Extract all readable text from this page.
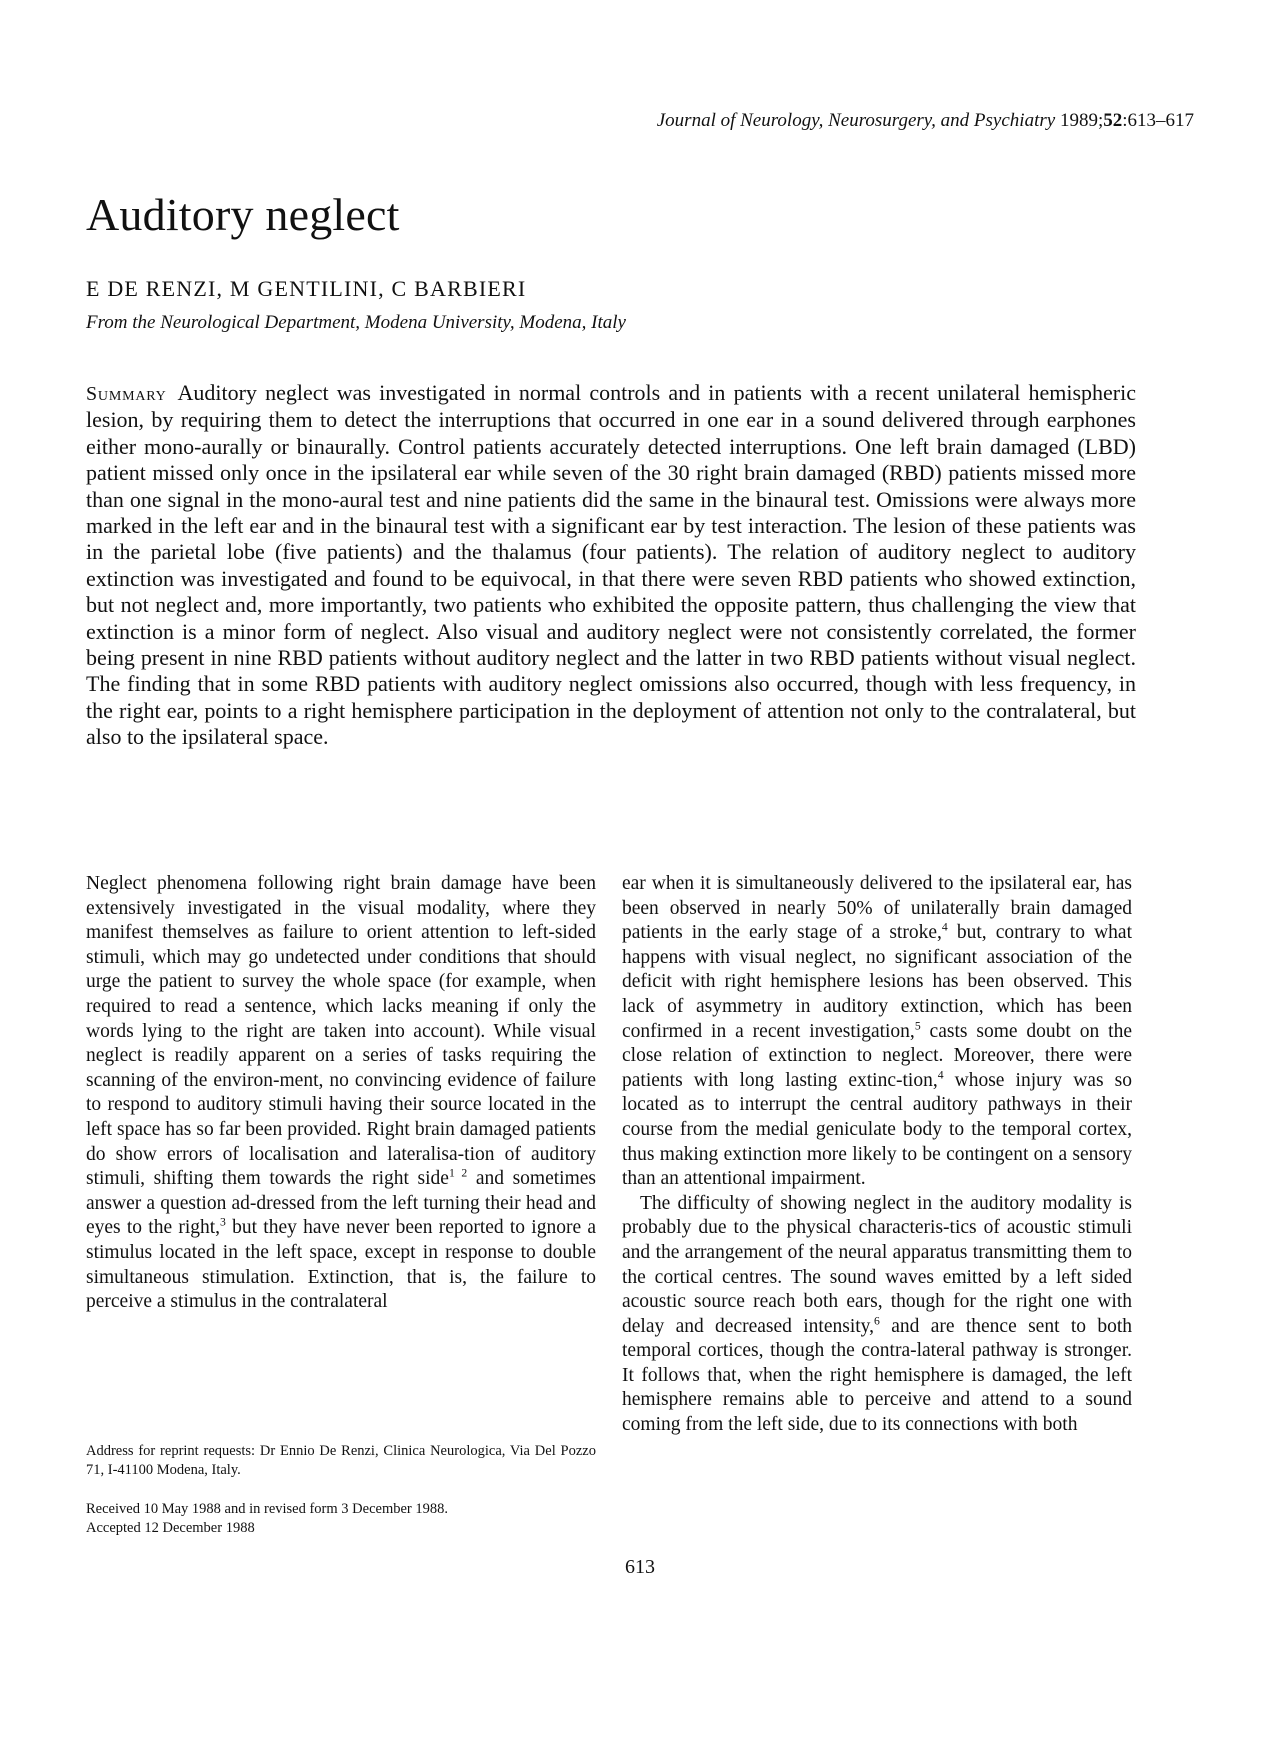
Journal of Neurology, Neurosurgery, and Psychiatry 1989;52:613–617
Auditory neglect
E DE RENZI, M GENTILINI, C BARBIERI
From the Neurological Department, Modena University, Modena, Italy

Summary Auditory neglect was investigated in normal controls and in patients with a recent unilateral hemispheric lesion, by requiring them to detect the interruptions that occurred in one ear in a sound delivered through earphones either mono-aurally or binaurally. Control patients accurately detected interruptions. One left brain damaged (LBD) patient missed only once in the ipsilateral ear while seven of the 30 right brain damaged (RBD) patients missed more than one signal in the mono-aural test and nine patients did the same in the binaural test. Omissions were always more marked in the left ear and in the binaural test with a significant ear by test interaction. The lesion of these patients was in the parietal lobe (five patients) and the thalamus (four patients). The relation of auditory neglect to auditory extinction was investigated and found to be equivocal, in that there were seven RBD patients who showed extinction, but not neglect and, more importantly, two patients who exhibited the opposite pattern, thus challenging the view that extinction is a minor form of neglect. Also visual and auditory neglect were not consistently correlated, the former being present in nine RBD patients without auditory neglect and the latter in two RBD patients without visual neglect. The finding that in some RBD patients with auditory neglect omissions also occurred, though with less frequency, in the right ear, points to a right hemisphere participation in the deployment of attention not only to the contralateral, but also to the ipsilateral space.

Neglect phenomena following right brain damage have been extensively investigated in the visual modality, where they manifest themselves as failure to orient attention to left-sided stimuli, which may go undetected under conditions that should urge the patient to survey the whole space (for example, when required to read a sentence, which lacks meaning if only the words lying to the right are taken into account). While visual neglect is readily apparent on a series of tasks requiring the scanning of the environ-ment, no convincing evidence of failure to respond to auditory stimuli having their source located in the left space has so far been provided. Right brain damaged patients do show errors of localisation and lateralisa-tion of auditory stimuli, shifting them towards the right side$^{1 2}$ and sometimes answer a question ad-dressed from the left turning their head and eyes to the right,$^3$ but they have never been reported to ignore a stimulus located in the left space, except in response to double simultaneous stimulation. Extinction, that is, the failure to perceive a stimulus in the contralateral

Address for reprint requests: Dr Ennio De Renzi, Clinica Neurologica, Via Del Pozzo 71, I-41100 Modena, Italy.
Received 10 May 1988 and in revised form 3 December 1988.
Accepted 12 December 1988

ear when it is simultaneously delivered to the ipsilateral ear, has been observed in nearly 50% of unilaterally brain damaged patients in the early stage of a stroke,$^4$ but, contrary to what happens with visual neglect, no significant association of the deficit with right hemisphere lesions has been observed. This lack of asymmetry in auditory extinction, which has been confirmed in a recent investigation,$^5$ casts some doubt on the close relation of extinction to neglect. Moreover, there were patients with long lasting extinc-tion,$^4$ whose injury was so located as to interrupt the central auditory pathways in their course from the medial geniculate body to the temporal cortex, thus making extinction more likely to be contingent on a sensory than an attentional impairment.

The difficulty of showing neglect in the auditory modality is probably due to the physical characteris-tics of acoustic stimuli and the arrangement of the neural apparatus transmitting them to the cortical centres. The sound waves emitted by a left sided acoustic source reach both ears, though for the right one with delay and decreased intensity,$^6$ and are thence sent to both temporal cortices, though the contra-lateral pathway is stronger. It follows that, when the right hemisphere is damaged, the left hemisphere remains able to perceive and attend to a sound coming from the left side, due to its connections with both

613
